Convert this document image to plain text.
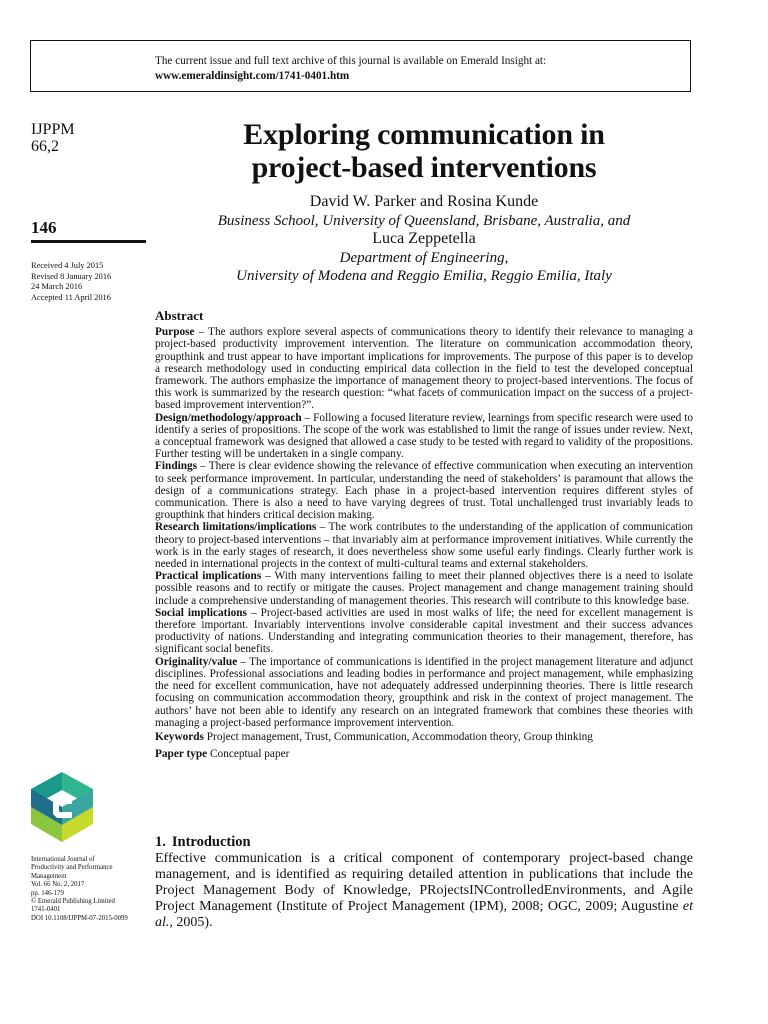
The current issue and full text archive of this journal is available on Emerald Insight at:
www.emeraldinsight.com/1741-0401.htm
IJPPM
66,2
146
Received 4 July 2015
Revised 8 January 2016
24 March 2016
Accepted 11 April 2016
International Journal of
Productivity and Performance
Management
Vol. 66 No. 2, 2017
pp. 146-179
© Emerald Publishing Limited
1741-0401
DOI 10.1108/IJPPM-07-2015-0099
Exploring communication in
project-based interventions
David W. Parker and Rosina Kunde
Business School, University of Queensland, Brisbane, Australia, and
Luca Zeppetella
Department of Engineering,
University of Modena and Reggio Emilia, Reggio Emilia, Italy
Abstract

Purpose – The authors explore several aspects of communications theory to identify their relevance to managing a project-based productivity improvement intervention. The literature on communication accommodation theory, groupthink and trust appear to have important implications for improvements. The purpose of this paper is to develop a research methodology used in conducting empirical data collection in the field to test the developed conceptual framework. The authors emphasize the importance of management theory to project-based interventions. The focus of this work is summarized by the research question: “what facets of communication impact on the success of a project-based improvement intervention?”.

Design/methodology/approach – Following a focused literature review, learnings from specific research were used to identify a series of propositions. The scope of the work was established to limit the range of issues under review. Next, a conceptual framework was designed that allowed a case study to be tested with regard to validity of the propositions. Further testing will be undertaken in a single company.

Findings – There is clear evidence showing the relevance of effective communication when executing an intervention to seek performance improvement. In particular, understanding the need of stakeholders’ is paramount that allows the design of a communications strategy. Each phase in a project-based intervention requires different styles of communication. There is also a need to have varying degrees of trust. Total unchallenged trust invariably leads to groupthink that hinders critical decision making.

Research limitations/implications – The work contributes to the understanding of the application of communication theory to project-based interventions – that invariably aim at performance improvement initiatives. While currently the work is in the early stages of research, it does nevertheless show some useful early findings. Clearly further work is needed in international projects in the context of multi-cultural teams and external stakeholders.

Practical implications – With many interventions failing to meet their planned objectives there is a need to isolate possible reasons and to rectify or mitigate the causes. Project management and change management training should include a comprehensive understanding of management theories. This research will contribute to this knowledge base.

Social implications – Project-based activities are used in most walks of life; the need for excellent management is therefore important. Invariably interventions involve considerable capital investment and their success advances productivity of nations. Understanding and integrating communication theories to their management, therefore, has significant social benefits.

Originality/value – The importance of communications is identified in the project management literature and adjunct disciplines. Professional associations and leading bodies in performance and project management, while emphasizing the need for excellent communication, have not adequately addressed underpinning theories. There is little research focusing on communication accommodation theory, groupthink and risk in the context of project management. The authors’ have not been able to identify any research on an integrated framework that combines these theories with managing a project-based performance improvement intervention.

Keywords Project management, Trust, Communication, Accommodation theory, Group thinking

Paper type Conceptual paper

1. Introduction
Effective communication is a critical component of contemporary project-based change management, and is identified as requiring detailed attention in publications that include the Project Management Body of Knowledge, PRojectsINControlledEnvironments, and Agile Project Management (Institute of Project Management (IPM), 2008; OGC, 2009; Augustine et al., 2005).
